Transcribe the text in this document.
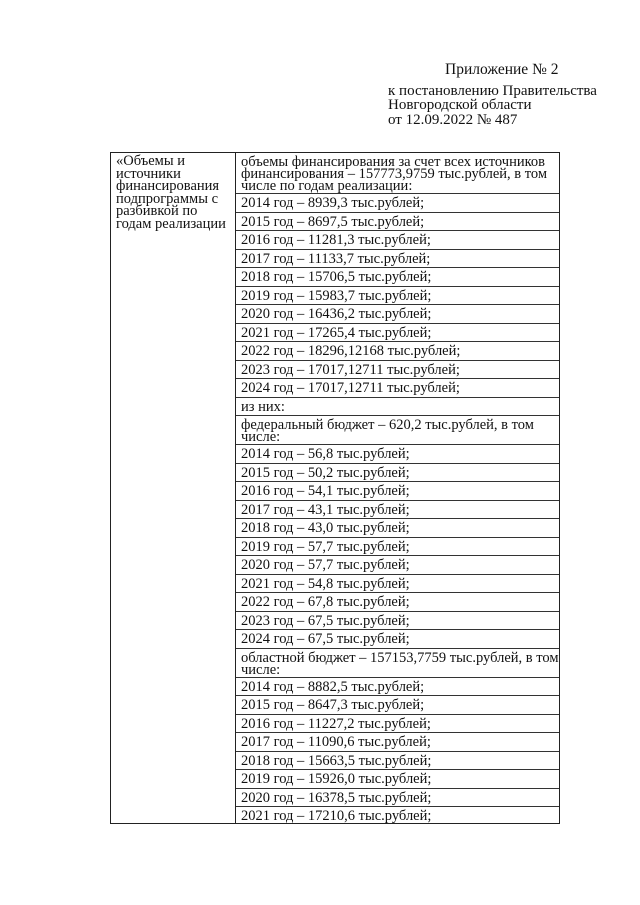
Приложение № 2
к постановлению Правительства
Новгородской области
от 12.09.2022 № 487
«Объемы и источники финансирования подпрограммы с разбивкой по годам реализации
объемы финансирования за счет всех источников финансирования – 157773,9759 тыс.рублей, в том числе по годам реализации:
2014 год – 8939,3 тыс.рублей;
2015 год – 8697,5 тыс.рублей;
2016 год – 11281,3 тыс.рублей;
2017 год – 11133,7 тыс.рублей;
2018 год – 15706,5 тыс.рублей;
2019 год – 15983,7 тыс.рублей;
2020 год – 16436,2 тыс.рублей;
2021 год – 17265,4 тыс.рублей;
2022 год – 18296,12168 тыс.рублей;
2023 год – 17017,12711 тыс.рублей;
2024 год – 17017,12711 тыс.рублей;
из них:
федеральный бюджет – 620,2 тыс.рублей, в том числе:
2014 год – 56,8 тыс.рублей;
2015 год – 50,2 тыс.рублей;
2016 год – 54,1 тыс.рублей;
2017 год – 43,1 тыс.рублей;
2018 год – 43,0 тыс.рублей;
2019 год – 57,7 тыс.рублей;
2020 год – 57,7 тыс.рублей;
2021 год – 54,8 тыс.рублей;
2022 год – 67,8 тыс.рублей;
2023 год – 67,5 тыс.рублей;
2024 год – 67,5 тыс.рублей;
областной бюджет – 157153,7759 тыс.рублей, в том числе:
2014 год – 8882,5 тыс.рублей;
2015 год – 8647,3 тыс.рублей;
2016 год – 11227,2 тыс.рублей;
2017 год – 11090,6 тыс.рублей;
2018 год – 15663,5 тыс.рублей;
2019 год – 15926,0 тыс.рублей;
2020 год – 16378,5 тыс.рублей;
2021 год – 17210,6 тыс.рублей;
